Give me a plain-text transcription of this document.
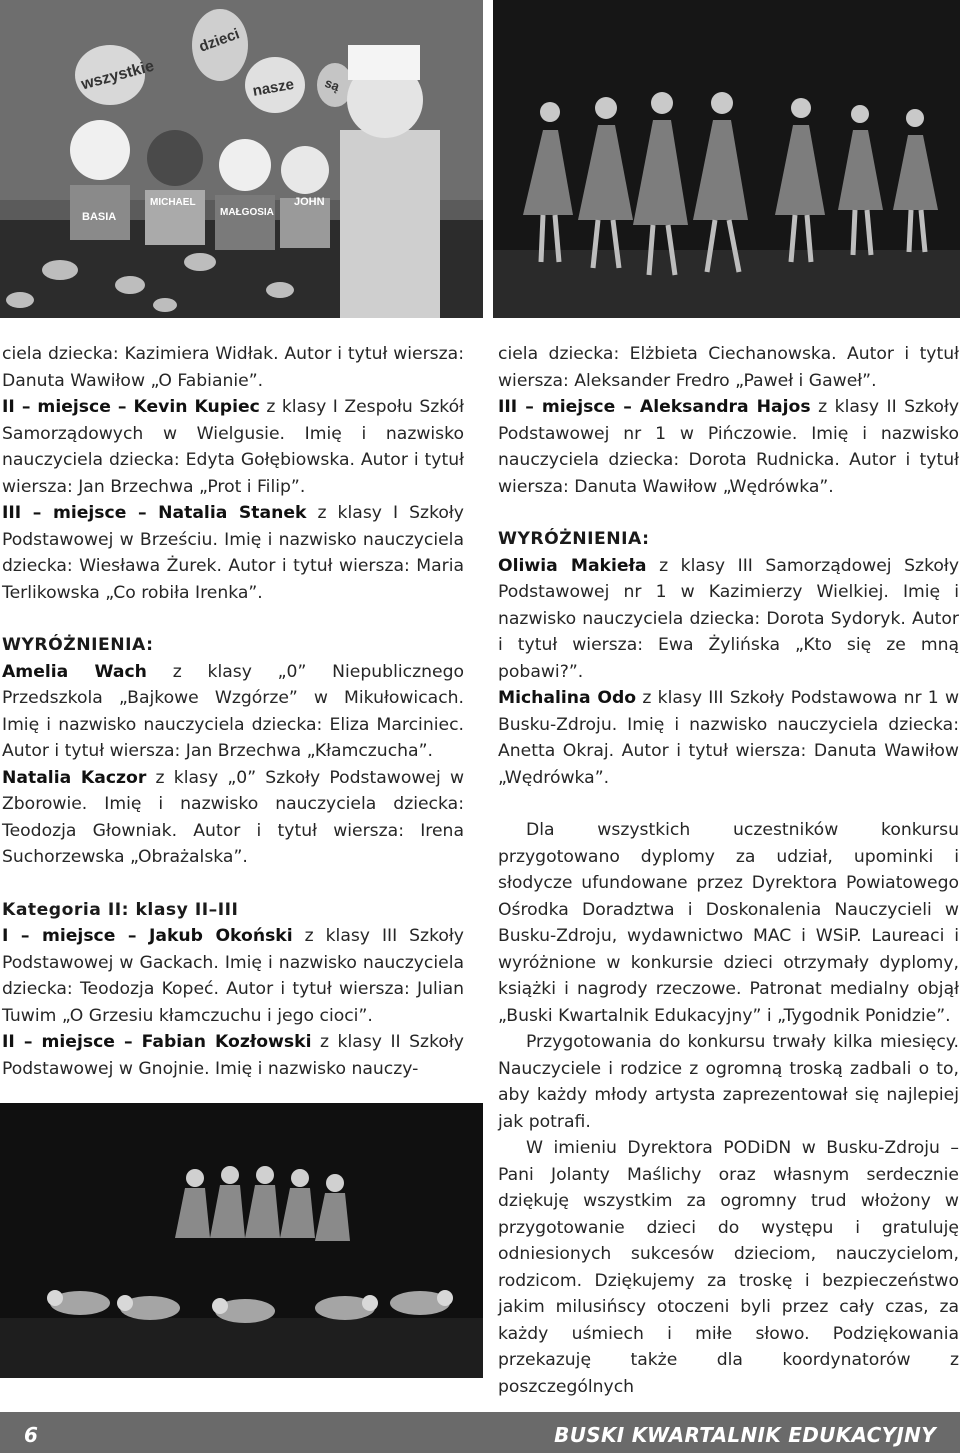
wszystkie
dzieci
nasze są
BASIA
MICHAEL
MAŁGOSIA
JOHN

ciela dziecka: Kazimiera Widłak. Autor i tytuł wiersza: Danuta Wawiłow „O Fabianie”.

II – miejsce – Kevin Kupiec z klasy I Zespołu Szkół Samorządowych w Wielgusie. Imię i nazwisko nauczyciela dziecka: Edyta Gołębiowska. Autor i tytuł wiersza: Jan Brzechwa „Prot i Filip”.

III – miejsce – Natalia Stanek z klasy I Szkoły Podstawowej w Brześciu. Imię i nazwisko nauczyciela dziecka: Wiesława Żurek. Autor i tytuł wiersza: Maria Terlikowska „Co robiła Irenka”.

WYRÓŻNIENIA:

Amelia Wach z klasy „0” Niepublicznego Przedszkola „Bajkowe Wzgórze” w Mikułowicach. Imię i nazwisko nauczyciela dziecka: Eliza Marciniec. Autor i tytuł wiersza: Jan Brzechwa „Kłamczucha”.

Natalia Kaczor z klasy „0” Szkoły Podstawowej w Zborowie. Imię i nazwisko nauczyciela dziecka: Teodozja Głowniak. Autor i tytuł wiersza: Irena Suchorzewska „Obrażalska”.

Kategoria II: klasy II–III

I – miejsce – Jakub Okoński z klasy III Szkoły Podstawowej w Gackach. Imię i nazwisko nauczyciela dziecka: Teodozja Kopeć. Autor i tytuł wiersza: Julian Tuwim „O Grzesiu kłamczuchu i jego cioci”.

II – miejsce – Fabian Kozłowski z klasy II Szkoły Podstawowej w Gnojnie. Imię i nazwisko nauczy-

ciela dziecka: Elżbieta Ciechanowska. Autor i tytuł wiersza: Aleksander Fredro „Paweł i Gaweł”.

III – miejsce – Aleksandra Hajos z klasy II Szkoły Podstawowej nr 1 w Pińczowie. Imię i nazwisko nauczyciela dziecka: Dorota Rudnicka. Autor i tytuł wiersza: Danuta Wawiłow „Wędrówka”.

WYRÓŻNIENIA:

Oliwia Makieła z klasy III Samorządowej Szkoły Podstawowej nr 1 w Kazimierzy Wielkiej. Imię i nazwisko nauczyciela dziecka: Dorota Sydoryk. Autor i tytuł wiersza: Ewa Żylińska „Kto się ze mną pobawi?”.

Michalina Odo z klasy III Szkoły Podstawowa nr 1 w Busku-Zdroju. Imię i nazwisko nauczyciela dziecka: Anetta Okraj. Autor i tytuł wiersza: Danuta Wawiłow „Wędrówka”.

Dla wszystkich uczestników konkursu przygotowano dyplomy za udział, upominki i słodycze ufundowane przez Dyrektora Powiatowego Ośrodka Doradztwa i Doskonalenia Nauczycieli w Busku-Zdroju, wydawnictwo MAC i WSiP. Laureaci i wyróżnione w konkursie dzieci otrzymały dyplomy, książki i nagrody rzeczowe. Patronat medialny objął „Buski Kwartalnik Edukacyjny” i „Tygodnik Ponidzie”.

Przygotowania do konkursu trwały kilka miesięcy. Nauczyciele i rodzice z ogromną troską zadbali o to, aby każdy młody artysta zaprezentował się najlepiej jak potrafi.

W imieniu Dyrektora PODiDN w Busku-Zdroju – Pani Jolanty Maślichy oraz własnym serdecznie dziękuję wszystkim za ogromny trud włożony w przygotowanie dzieci do występu i gratuluję odniesionych sukcesów dzieciom, nauczycielom, rodzicom. Dziękujemy za troskę i bezpieczeństwo jakim milusińscy otoczeni byli przez cały czas, za każdy uśmiech i miłe słowo. Podziękowania przekazuję także dla koordynatorów z poszczególnych

6	BUSKI KWARTALNIK EDUKACYJNY
